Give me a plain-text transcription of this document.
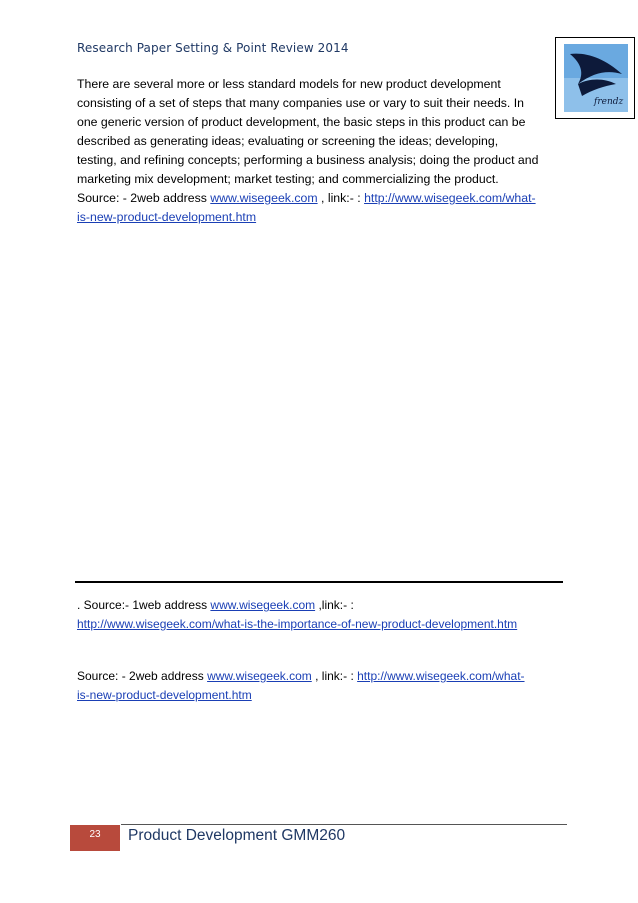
Research Paper Setting & Point Review 2014
frendz

There are several more or less standard models for new product development

consisting of a set of steps that many companies use or vary to suit their needs. In

one generic version of product development, the basic steps in this product can be

described as generating ideas; evaluating or screening the ideas; developing,

testing, and refining concepts; performing a business analysis; doing the product and

marketing mix development; market testing; and commercializing the product.

Source: - 2web address www.wisegeek.com , link:- : http://www.wisegeek.com/what-

is-new-product-development.htm

. Source:- 1web address www.wisegeek.com ,link:- :
http://www.wisegeek.com/what-is-the-importance-of-new-product-development.htm
Source: - 2web address www.wisegeek.com , link:- : http://www.wisegeek.com/what-
is-new-product-development.htm
23	Product Development GMM260
